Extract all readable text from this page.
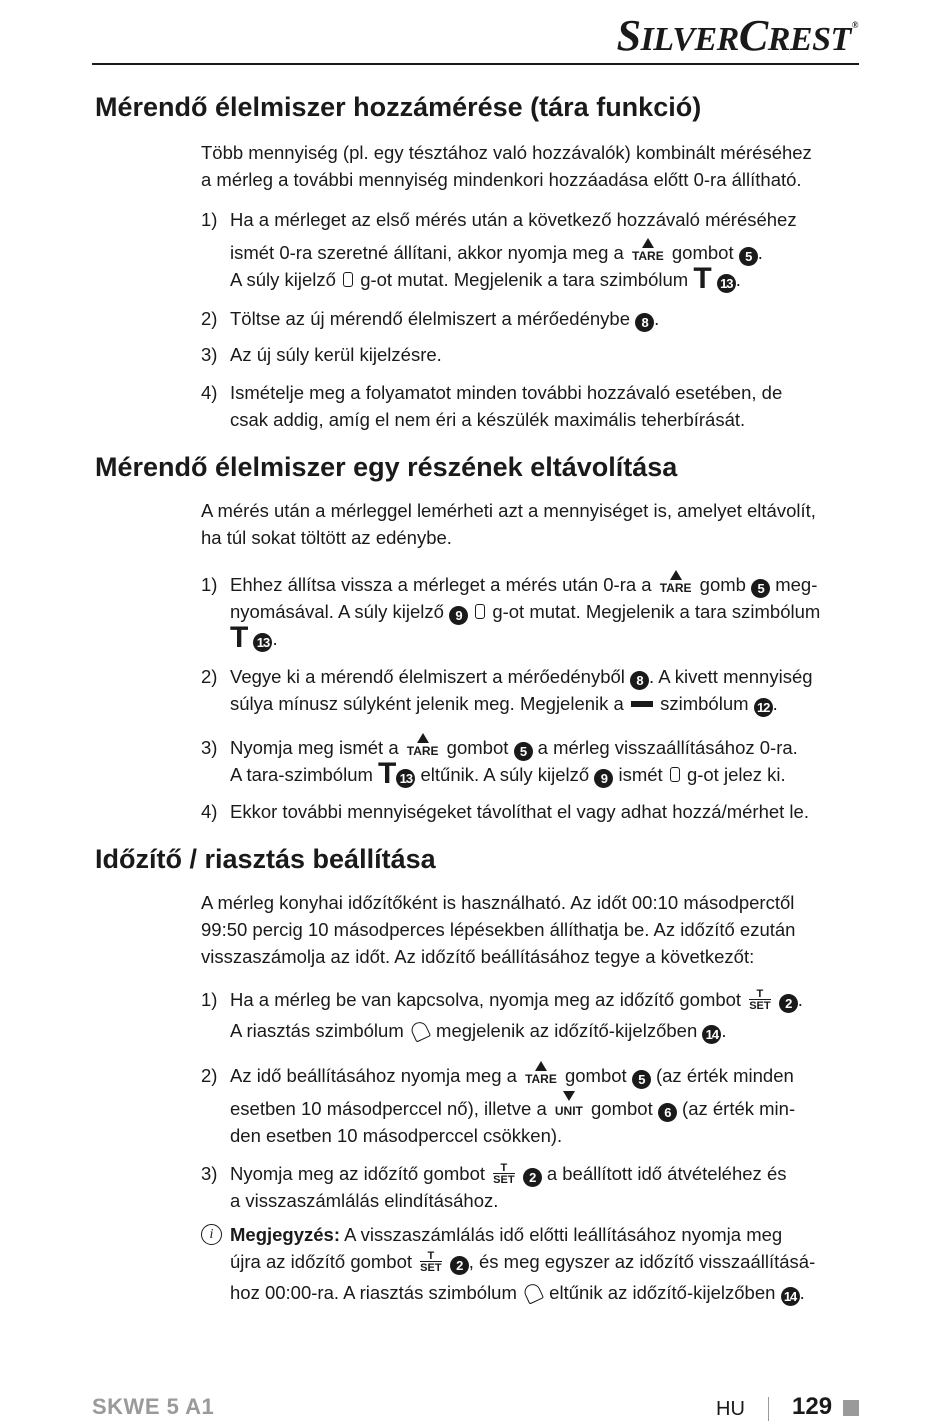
SILVERCREST®
Mérendő élelmiszer hozzámérése (tára funkció)
Több mennyiség (pl. egy tésztához való hozzávalók) kombinált méréséhez
a mérleg a további mennyiség mindenkori hozzáadása előtt 0-ra állítható.
1) Ha a mérleget az első mérés után a következő hozzávaló méréséhez
ismét 0-ra szeretné állítani, akkor nyomja meg a TARE gombot 5 .
A súly kijelző g-ot mutat. Megjelenik a tara szimbólum T 13 .
2) Töltse az új mérendő élelmiszert a mérőedénybe 8 .
3) Az új súly kerül kijelzésre.
4) Ismételje meg a folyamatot minden további hozzávaló esetében, de
csak addig, amíg el nem éri a készülék maximális teherbírását.
Mérendő élelmiszer egy részének eltávolítása
A mérés után a mérleggel lemérheti azt a mennyiséget is, amelyet eltávolít,
ha túl sokat töltött az edénybe.
1) Ehhez állítsa vissza a mérleget a mérés után 0-ra a TARE gomb 5 meg-
nyomásával. A súly kijelző 9 g-ot mutat. Megjelenik a tara szimbólum
T 13 .
2) Vegye ki a mérendő élelmiszert a mérőedényből 8 . A kivett mennyiség
súlya mínusz súlyként jelenik meg. Megjelenik a szimbólum 12 .
3) Nyomja meg ismét a TARE gombot 5 a mérleg visszaállításához 0-ra.
A tara-szimbólum T 13 eltűnik. A súly kijelző 9 ismét g-ot jelez ki.
4) Ekkor további mennyiségeket távolíthat el vagy adhat hozzá/mérhet le.
Időzítő / riasztás beállítása
A mérleg konyhai időzítőként is használható. Az időt 00:10 másodperctől
99:50 percig 10 másodperces lépésekben állíthatja be. Az időzítő ezután
visszaszámolja az időt. Az időzítő beállításához tegye a következőt:
1) Ha a mérleg be van kapcsolva, nyomja meg az időzítő gombot	T
SET 2 .
A riasztás szimbólum megjelenik az időzítő-kijelzőben 14 .
2) Az idő beállításához nyomja meg a TARE gombot 5 (az érték minden
esetben 10 másodperccel nő), illetve a UNIT gombot 6 (az érték min-
den esetben 10 másodperccel csökken).
3) Nyomja meg az időzítő gombot	T
SET 2 a beállított idő átvételéhez és
a visszaszámlálás elindításához.
i Megjegyzés: A visszaszámlálás idő előtti leállításához nyomja meg
újra az időzítő gombot	T
SET 2 , és meg egyszer az időzítő visszaállításá-
hoz 00:00-ra. A riasztás szimbólum eltűnik az időzítő-kijelzőben 14 .
SKWE 5 A1	HU 129
